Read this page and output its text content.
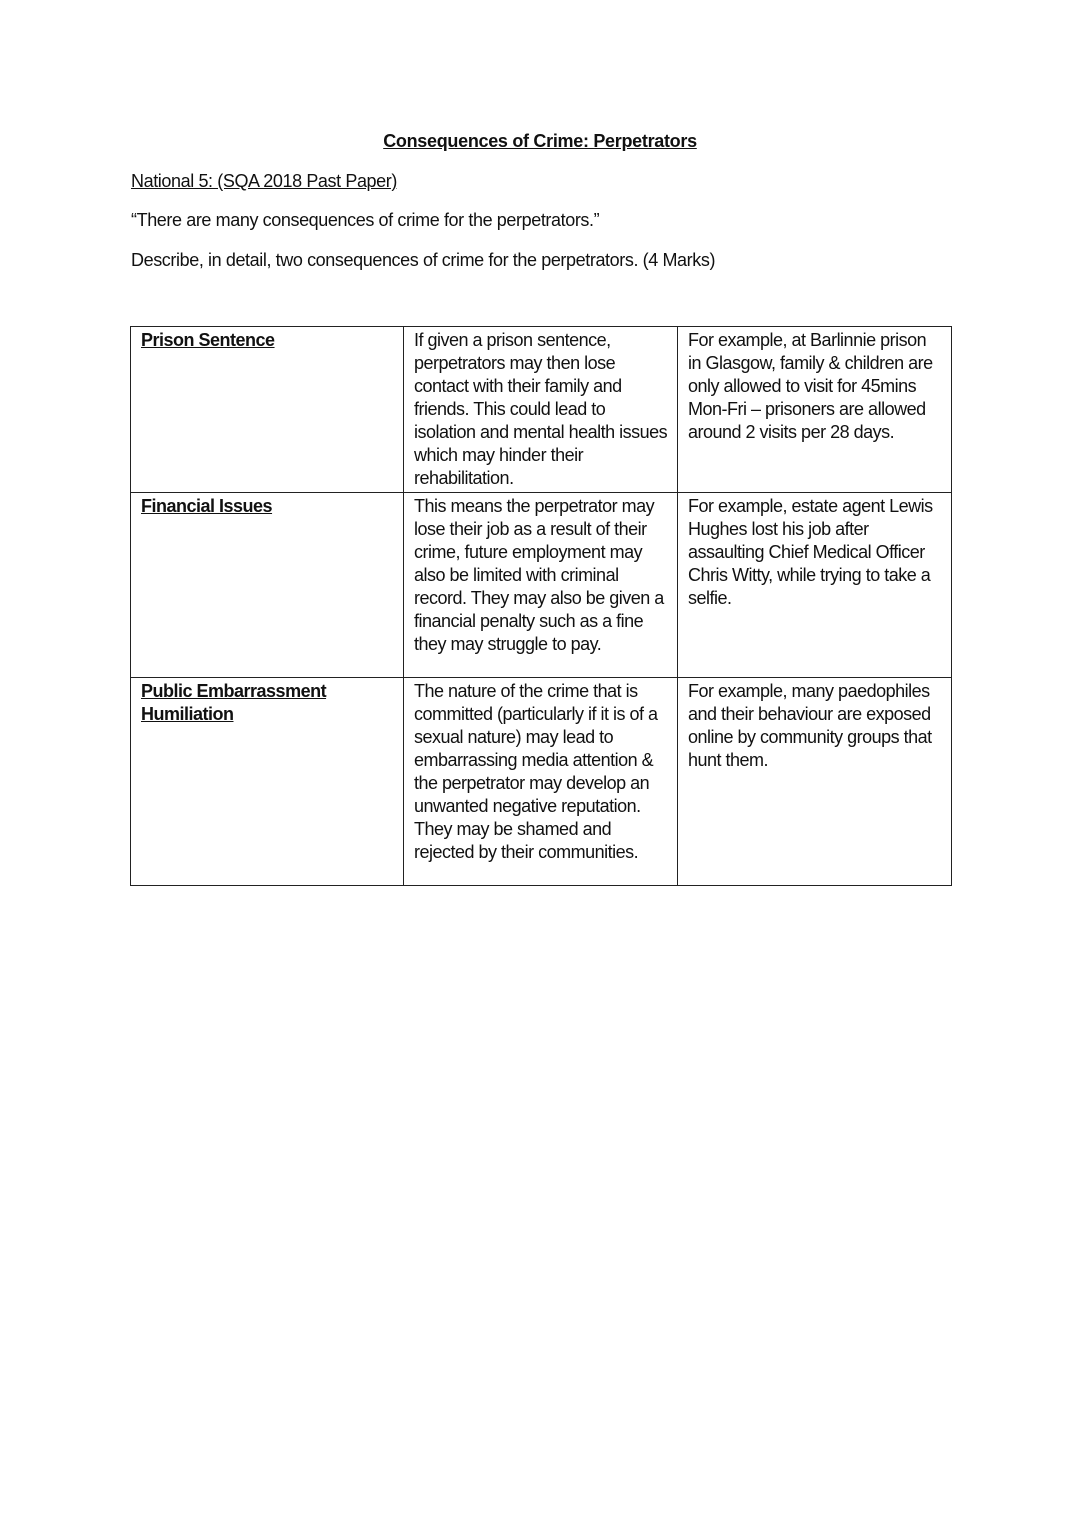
Consequences of Crime: Perpetrators

National 5: (SQA 2018 Past Paper)

“There are many consequences of crime for the perpetrators.”

Describe, in detail, two consequences of crime for the perpetrators. (4 Marks)

Prison Sentence	If given a prison sentence, perpetrators may then lose contact with their family and friends. This could lead to isolation and mental health issues which may hinder their rehabilitation.	For example, at Barlinnie prison in Glasgow, family & children are only allowed to visit for 45mins Mon-Fri – prisoners are allowed around 2 visits per 28 days.
Financial Issues	This means the perpetrator may lose their job as a result of their crime, future employment may also be limited with criminal record. They may also be given a financial penalty such as a fine they may struggle to pay.	For example, estate agent Lewis Hughes lost his job after assaulting Chief Medical Officer Chris Witty, while trying to take a selfie.

Public Embarrassment
Humiliation	The nature of the crime that is committed (particularly if it is of a sexual nature) may lead to embarrassing media attention & the perpetrator may develop an unwanted negative reputation. They may be shamed and rejected by their communities.	For example, many paedophiles and their behaviour are exposed online by community groups that hunt them.
